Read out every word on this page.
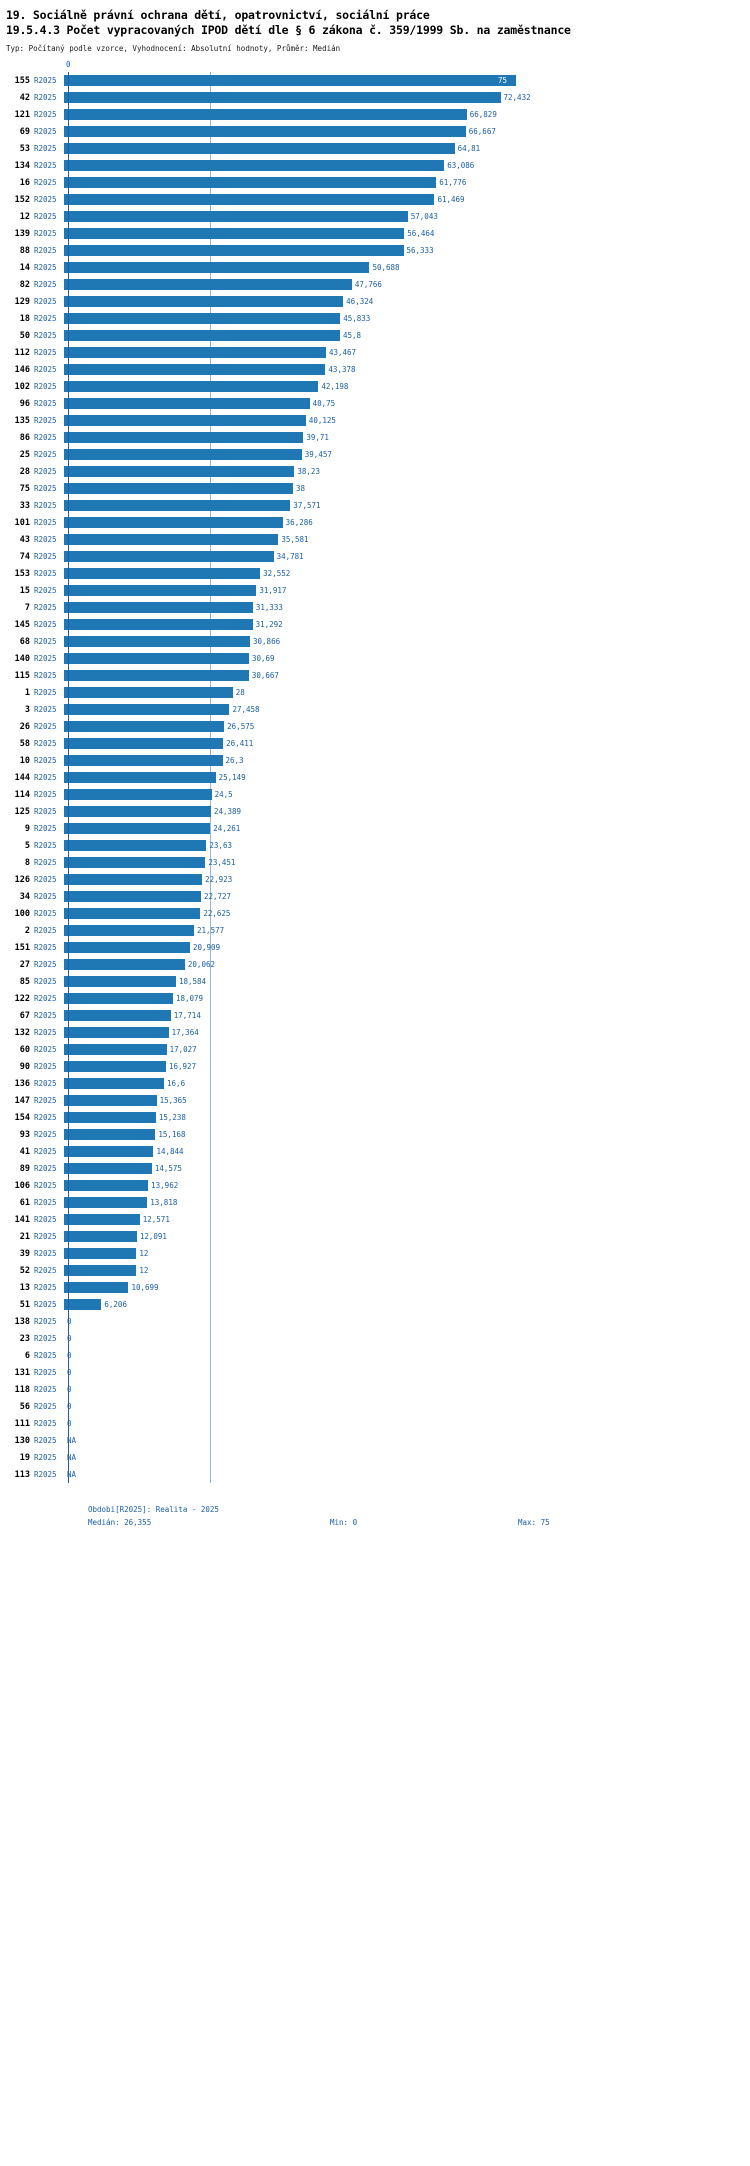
19. Sociálně právní ochrana dětí, opatrovnictví, sociální práce
19.5.4.3 Počet vypracovaných IPOD dětí dle § 6 zákona č. 359/1999 Sb. na zaměstnance
Typ: Počítaný podle vzorce, Vyhodnocení: Absolutní hodnoty, Průměr: Medián
0
155 R2025	75
42 R2025	72,432
121 R2025	66,829
69 R2025	66,667
53 R2025	64,81
134 R2025	63,086
16 R2025	61,776
152 R2025	61,469
12 R2025	57,043
139 R2025	56,464
88 R2025	56,333
14 R2025	50,688
82 R2025	47,766
129 R2025	46,324
18 R2025	45,833
50 R2025	45,8
112 R2025	43,467
146 R2025	43,378
102 R2025	42,198
96 R2025	40,75
135 R2025	40,125
86 R2025	39,71
25 R2025	39,457
28 R2025	38,23
75 R2025	38
33 R2025	37,571
101 R2025	36,286
43 R2025	35,581
74 R2025	34,781
153 R2025	32,552
15 R2025	31,917
7 R2025	31,333
145 R2025	31,292
68 R2025	30,866
140 R2025	30,69
115 R2025	30,667
1 R2025	28
3 R2025	27,458
26 R2025	26,575
58 R2025	26,411
10 R2025	26,3
144 R2025	25,149
114 R2025	24,5
125 R2025	24,389
9 R2025	24,261
5 R2025	23,63
8 R2025	23,451
126 R2025	22,923
34 R2025	22,727
100 R2025	22,625
2 R2025	21,577
151 R2025	20,909
27 R2025	20,062
85 R2025	18,584
122 R2025	18,079
67 R2025	17,714
132 R2025	17,364
60 R2025	17,027
90 R2025	16,927
136 R2025	16,6
147 R2025	15,365
154 R2025	15,238
93 R2025	15,168
41 R2025	14,844
89 R2025	14,575
106 R2025	13,962
61 R2025	13,818
141 R2025	12,571
21 R2025	12,091
39 R2025	12
52 R2025	12
13 R2025	10,699
51 R2025	6,206
138 R2025	0
23 R2025	0
6 R2025	0
131 R2025	0
118 R2025	0
56 R2025	0
111 R2025	0
130 R2025	NA
19 R2025	NA
113 R2025	NA
Obdobi[R2025]: Realita - 2025
Medián: 26,355	Min: 0	Max: 75
